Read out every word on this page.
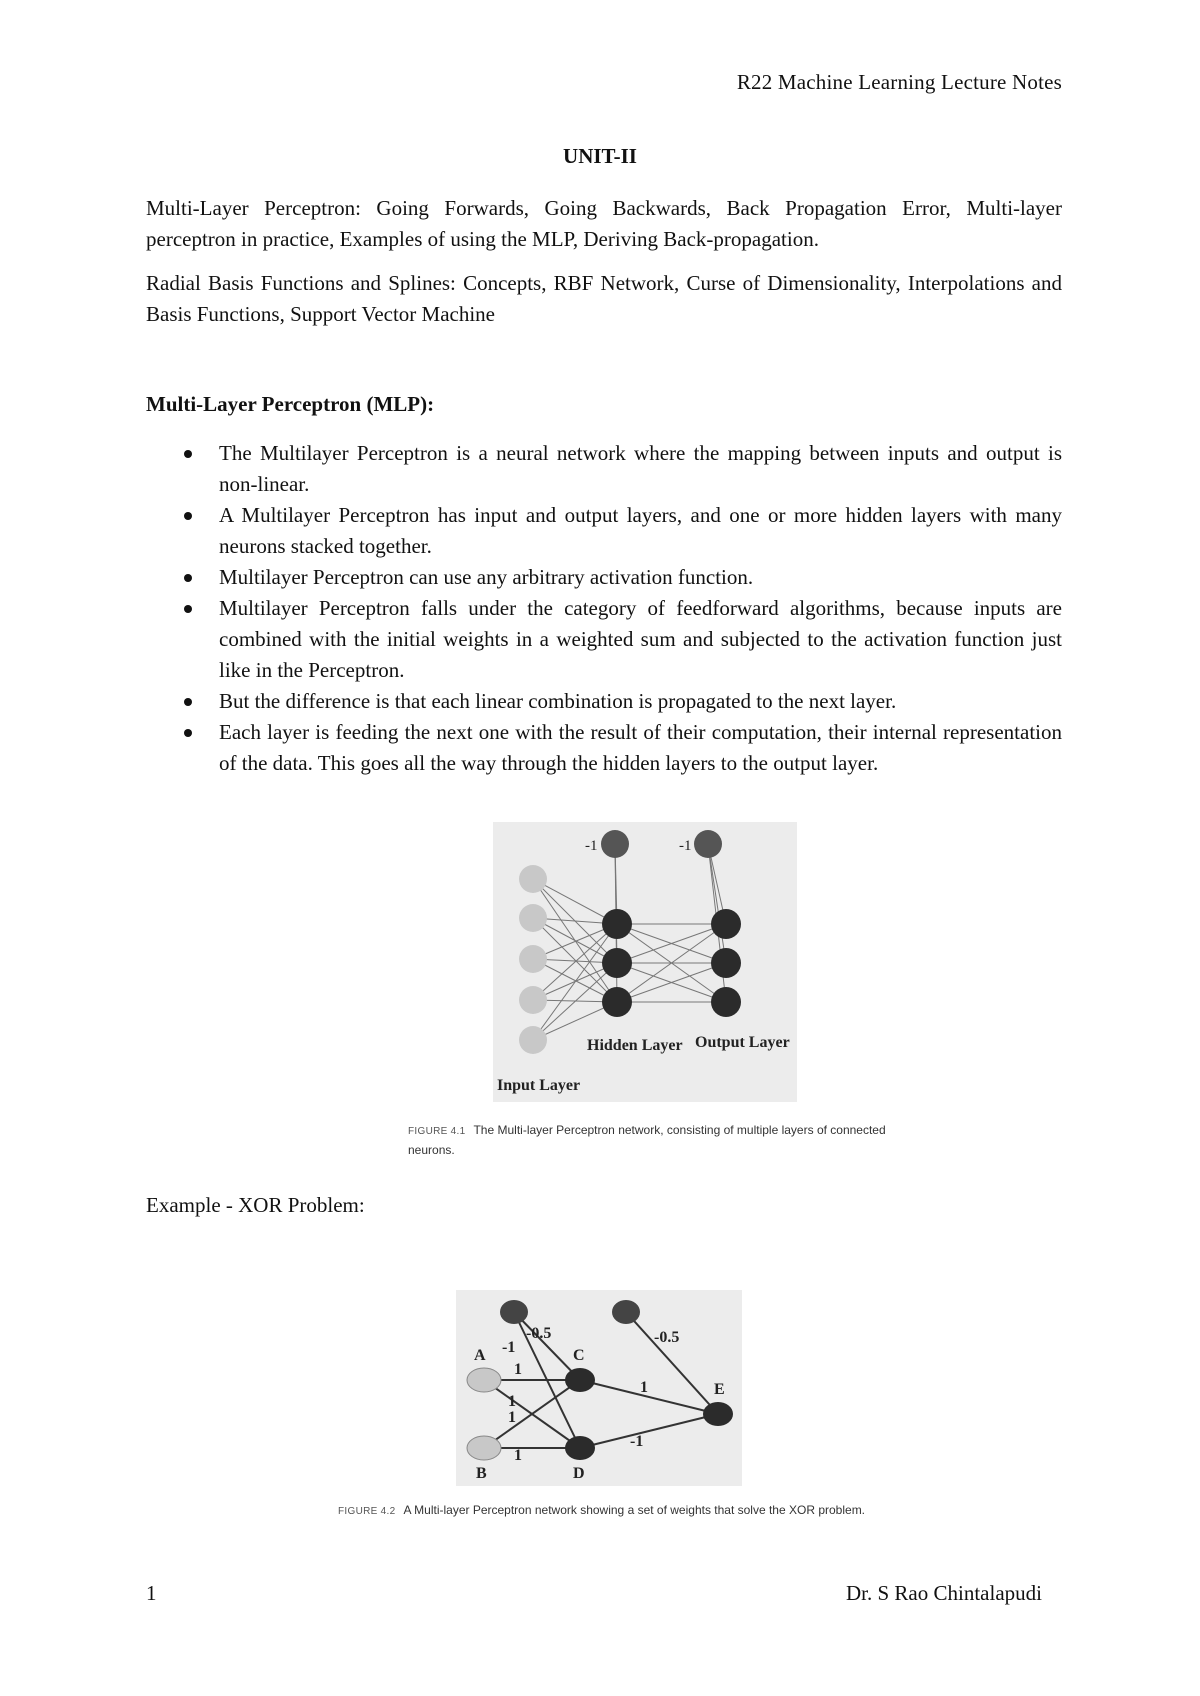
R22 Machine Learning Lecture Notes
UNIT-II

Multi-Layer Perceptron: Going Forwards, Going Backwards, Back Propagation Error, Multi-layer perceptron in practice, Examples of using the MLP, Deriving Back-propagation.

Radial Basis Functions and Splines: Concepts, RBF Network, Curse of Dimensionality, Interpolations and Basis Functions, Support Vector Machine

Multi-Layer Perceptron (MLP):
The Multilayer Perceptron is a neural network where the mapping between inputs and output is non-linear.
A Multilayer Perceptron has input and output layers, and one or more hidden layers with many neurons stacked together.
Multilayer Perceptron can use any arbitrary activation function.
Multilayer Perceptron falls under the category of feedforward algorithms, because inputs are combined with the initial weights in a weighted sum and subjected to the activation function just like in the Perceptron.
But the difference is that each linear combination is propagated to the next layer.
Each layer is feeding the next one with the result of their computation, their internal representation of the data. This goes all the way through the hidden layers to the output layer.
-1	-1
Hidden Layer Output Layer
Input Layer
FIGURE 4.1 The Multi-layer Perceptron network, consisting of multiple layers of connected neurons.
Example - XOR Problem:
A
B
C
D
E
-0.5
-1
1
1
1
1
-0.5
1
-1
FIGURE 4.2 A Multi-layer Perceptron network showing a set of weights that solve the XOR problem.
1	Dr. S Rao Chintalapudi
